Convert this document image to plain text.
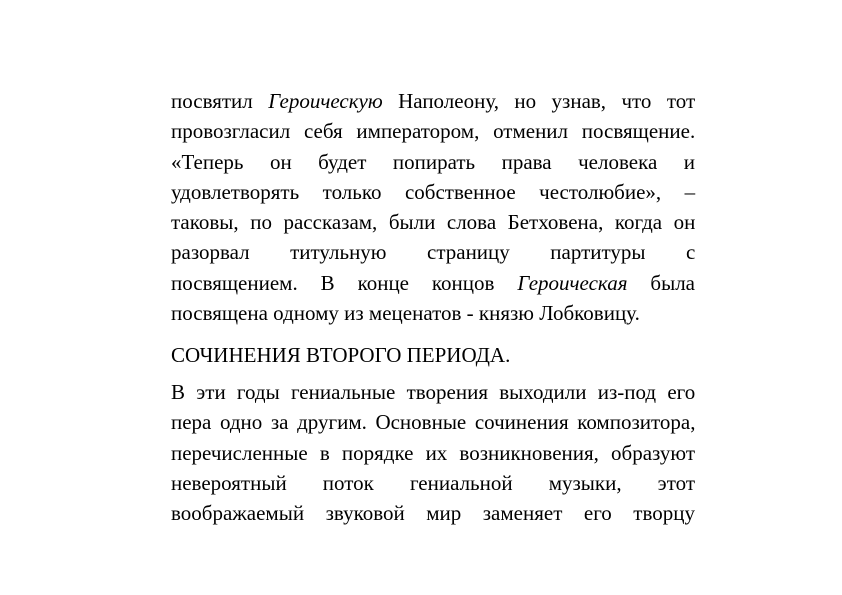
посвятил Героическую Наполеону, но узнав, что тот
провозгласил себя императором, отменил посвящение.
«Теперь он будет попирать права человека и
удовлетворять только собственное честолюбие», –
таковы, по рассказам, были слова Бетховена, когда он
разорвал титульную страницу партитуры с
посвящением. В конце концов Героическая была
посвящена одному из меценатов - князю Лобковицу.
СОЧИНЕНИЯ ВТОРОГО ПЕРИОДА.
В эти годы гениальные творения выходили из-под его
пера одно за другим. Основные сочинения композитора,
перечисленные в порядке их возникновения, образуют
невероятный поток гениальной музыки, этот
воображаемый звуковой мир заменяет его творцу
